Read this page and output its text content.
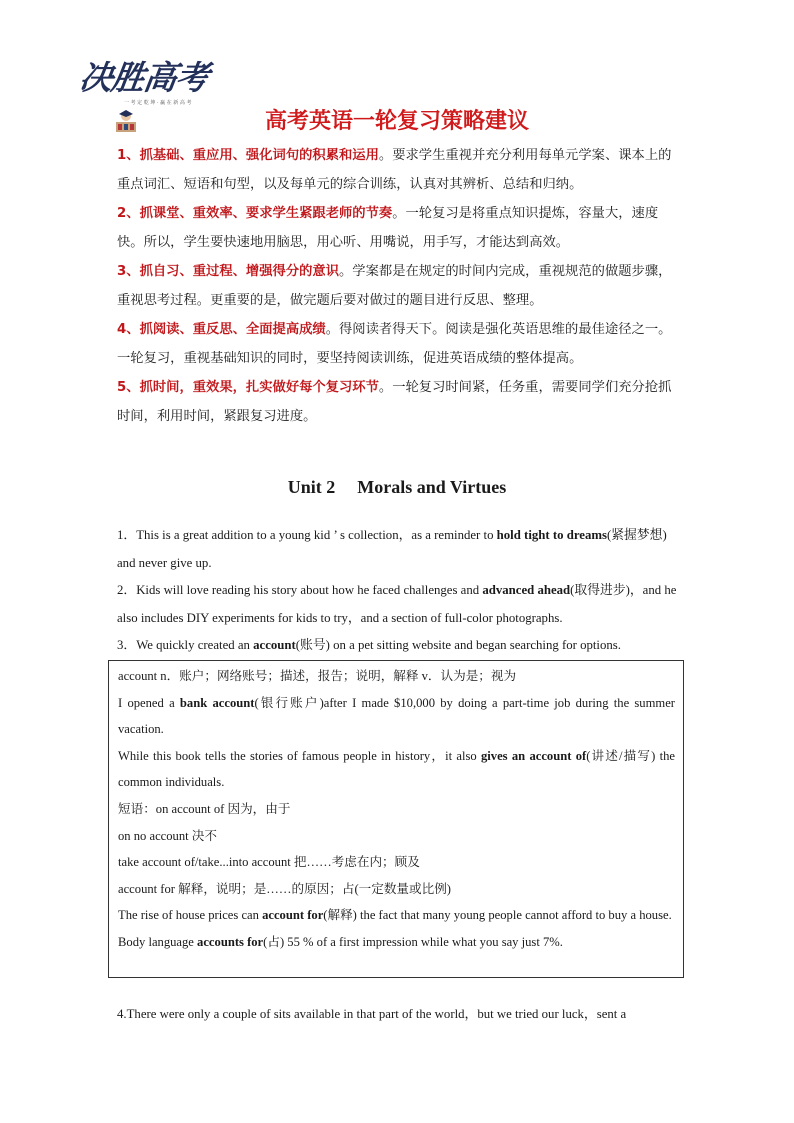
决胜高考
一 考 定 乾 坤 · 赢 在 新 高 考
高考英语一轮复习策略建议
1、抓基础、重应用、强化词句的积累和运用。要求学生重视并充分利用每单元学案、课本上的重点词汇、短语和句型，以及每单元的综合训练，认真对其辨析、总结和归纳。
2、抓课堂、重效率、要求学生紧跟老师的节奏。一轮复习是将重点知识提炼，容量大，速度快。所以，学生要快速地用脑思，用心听、用嘴说，用手写，才能达到高效。
3、抓自习、重过程、增强得分的意识。学案都是在规定的时间内完成，重视规范的做题步骤，重视思考过程。更重要的是，做完题后要对做过的题目进行反思、整理。
4、抓阅读、重反思、全面提高成绩。得阅读者得天下。阅读是强化英语思维的最佳途径之一。一轮复习，重视基础知识的同时，要坚持阅读训练，促进英语成绩的整体提高。
5、抓时间，重效果，扎实做好每个复习环节。一轮复习时间紧，任务重，需要同学们充分抢抓时间，利用时间，紧跟复习进度。
Unit 2 Morals and Virtues
1．This is a great addition to a young kid ’ s collection，as a reminder to hold tight to dreams(紧握梦想) and never give up.
2．Kids will love reading his story about how he faced challenges and advanced ahead(取得进步)，and he also includes DIY experiments for kids to try，and a section of full-color photographs.
3．We quickly created an account(账号) on a pet sitting website and began searching for options.
account n．账户；网络账号；描述，报告；说明，解释 v．认为是；视为
I opened a bank account(银行账户)after I made $10,000 by doing a part-time job during the summer vacation.
While this book tells the stories of famous people in history，it also gives an account of(讲述/描写) the common individuals.
短语：on account of 因为，由于
on no account 决不
take account of/take...into account 把……考虑在内；顾及
account for 解释，说明；是……的原因；占(一定数量或比例)
The rise of house prices can account for(解释) the fact that many young people cannot afford to buy a house.
Body language accounts for(占) 55 % of a first impression while what you say just 7%.
4.There were only a couple of sits available in that part of the world，but we tried our luck，sent a
